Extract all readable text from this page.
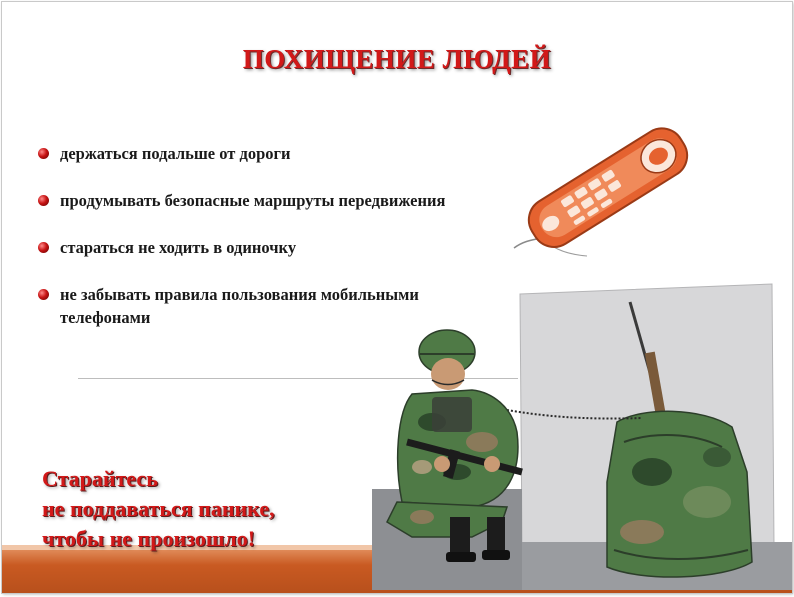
ПОХИЩЕНИЕ ЛЮДЕЙ
держаться подальше от дороги
продумывать безопасные маршруты передвижения
стараться не ходить в одиночку
не забывать правила пользования мобильными телефонами
Старайтесь
не поддаваться панике,
чтобы не произошло!
